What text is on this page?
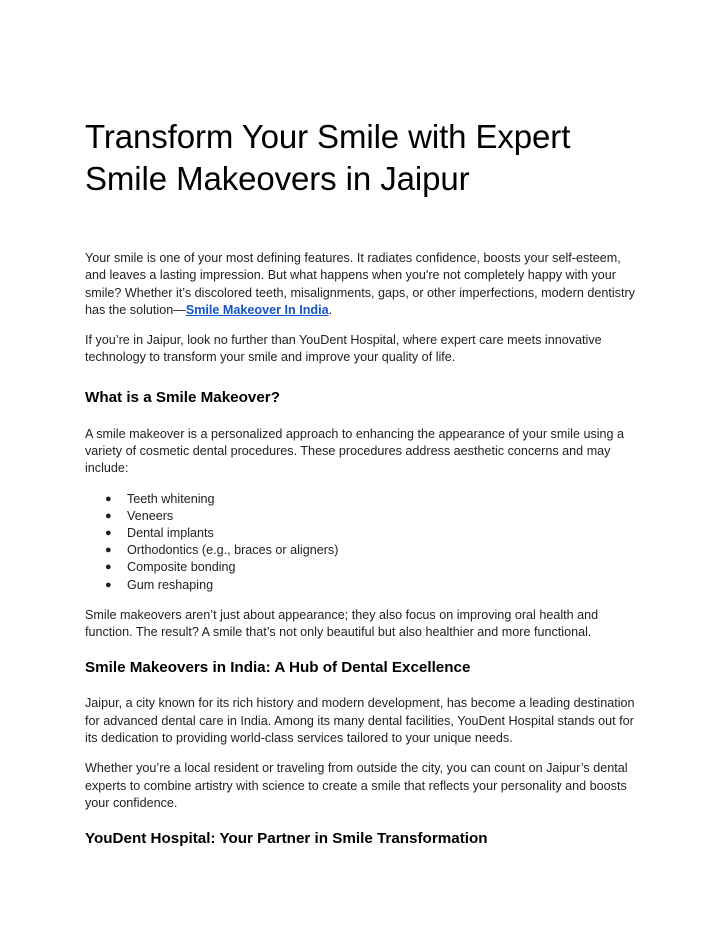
Transform Your Smile with Expert Smile Makeovers in Jaipur

Your smile is one of your most defining features. It radiates confidence, boosts your self-esteem, and leaves a lasting impression. But what happens when you're not completely happy with your smile? Whether it’s discolored teeth, misalignments, gaps, or other imperfections, modern dentistry has the solution—Smile Makeover In India.

If you’re in Jaipur, look no further than YouDent Hospital, where expert care meets innovative technology to transform your smile and improve your quality of life.

What is a Smile Makeover?

A smile makeover is a personalized approach to enhancing the appearance of your smile using a variety of cosmetic dental procedures. These procedures address aesthetic concerns and may include:

● Teeth whitening
● Veneers
● Dental implants
● Orthodontics (e.g., braces or aligners)
● Composite bonding
● Gum reshaping

Smile makeovers aren’t just about appearance; they also focus on improving oral health and function. The result? A smile that’s not only beautiful but also healthier and more functional.

Smile Makeovers in India: A Hub of Dental Excellence

Jaipur, a city known for its rich history and modern development, has become a leading destination for advanced dental care in India. Among its many dental facilities, YouDent Hospital stands out for its dedication to providing world-class services tailored to your unique needs.

Whether you’re a local resident or traveling from outside the city, you can count on Jaipur’s dental experts to combine artistry with science to create a smile that reflects your personality and boosts your confidence.

YouDent Hospital: Your Partner in Smile Transformation
